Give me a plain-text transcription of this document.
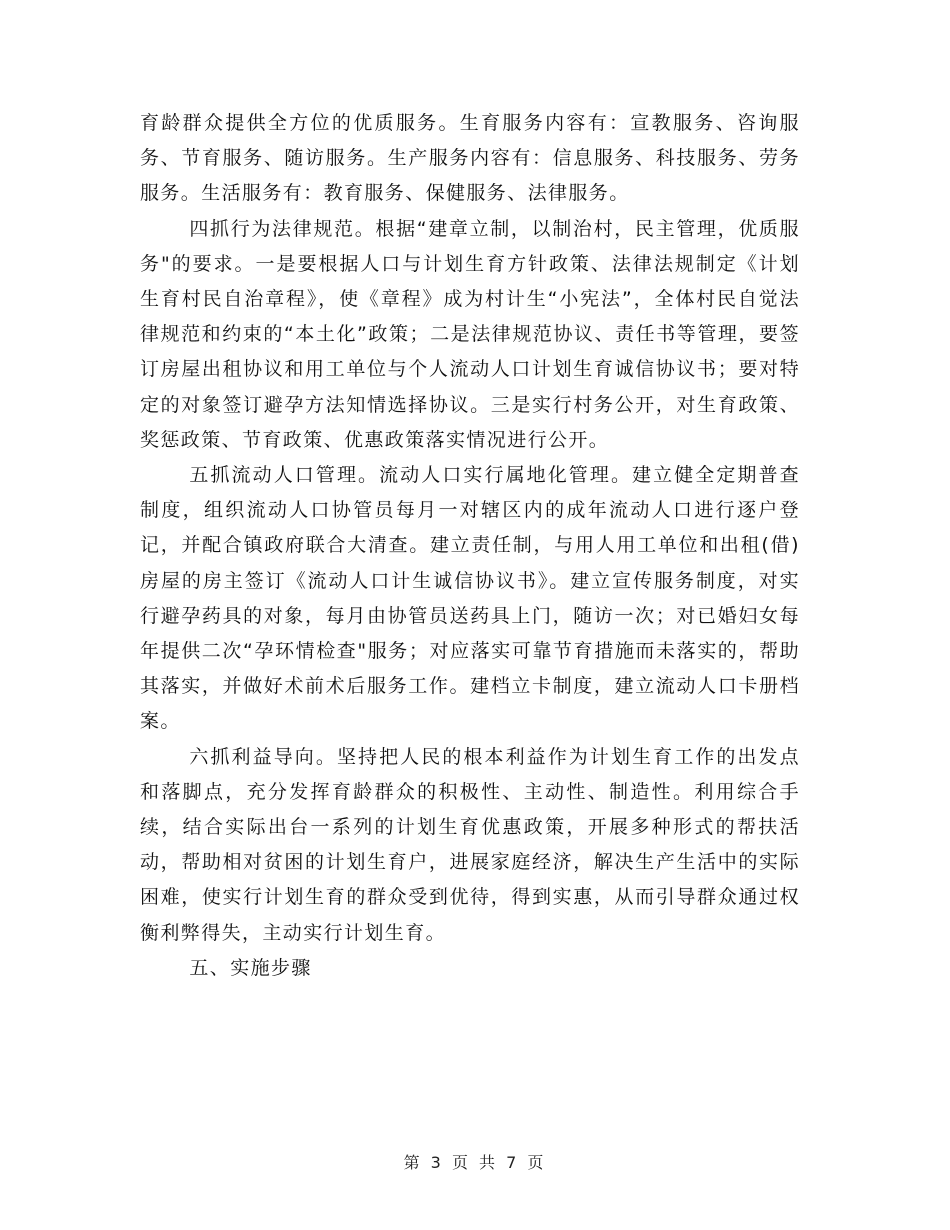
育龄群众提供全方位的优质服务。生育服务内容有：宣教服务、咨询服务、节育服务、随访服务。生产服务内容有：信息服务、科技服务、劳务服务。生活服务有：教育服务、保健服务、法律服务。

四抓行为法律规范。根据“建章立制，以制治村，民主管理，优质服务"的要求。一是要根据人口与计划生育方针政策、法律法规制定《计划生育村民自治章程》，使《章程》成为村计生“小宪法”，全体村民自觉法律规范和约束的“本土化”政策；二是法律规范协议、责任书等管理，要签订房屋出租协议和用工单位与个人流动人口计划生育诚信协议书；要对特定的对象签订避孕方法知情选择协议。三是实行村务公开，对生育政策、奖惩政策、节育政策、优惠政策落实情况进行公开。

五抓流动人口管理。流动人口实行属地化管理。建立健全定期普查制度，组织流动人口协管员每月一对辖区内的成年流动人口进行逐户登记，并配合镇政府联合大清查。建立责任制，与用人用工单位和出租(借)房屋的房主签订《流动人口计生诚信协议书》。建立宣传服务制度，对实行避孕药具的对象，每月由协管员送药具上门，随访一次；对已婚妇女每年提供二次“孕环情检查"服务；对应落实可靠节育措施而未落实的，帮助其落实，并做好术前术后服务工作。建档立卡制度，建立流动人口卡册档案。

六抓利益导向。坚持把人民的根本利益作为计划生育工作的出发点和落脚点，充分发挥育龄群众的积极性、主动性、制造性。利用综合手续，结合实际出台一系列的计划生育优惠政策，开展多种形式的帮扶活动，帮助相对贫困的计划生育户，进展家庭经济，解决生产生活中的实际困难，使实行计划生育的群众受到优待，得到实惠，从而引导群众通过权衡利弊得失，主动实行计划生育。

五、实施步骤

第 3 页 共 7 页
